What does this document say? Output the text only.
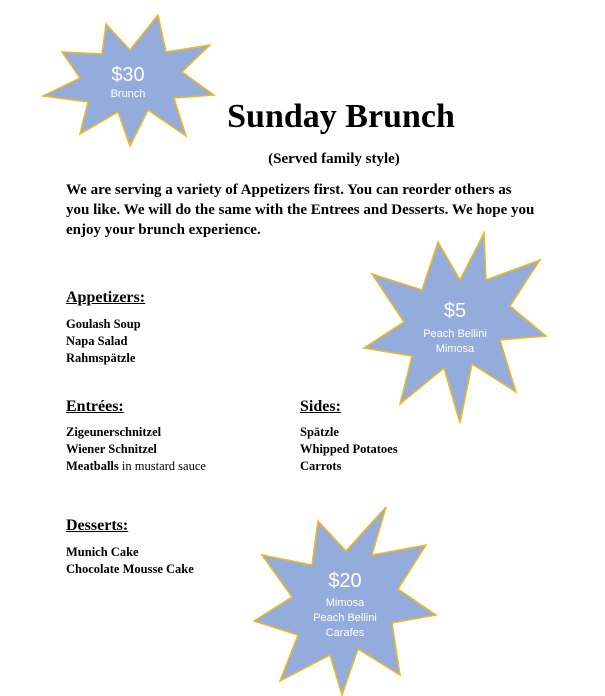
$30
Brunch
$5
Peach Bellini
Mimosa
$20
Mimosa
Peach Bellini
Carafes
Sunday Brunch
(Served family style)
We are serving a variety of Appetizers first. You can reorder others as you like. We will do the same with the Entrees and Desserts. We hope you enjoy your brunch experience.
Appetizers:
Goulash Soup
Napa Salad
Rahmspätzle
Entrées:
Zigeunerschnitzel
Wiener Schnitzel
Meatballs in mustard sauce
Sides:
Spätzle
Whipped Potatoes
Carrots
Desserts:
Munich Cake
Chocolate Mousse Cake
